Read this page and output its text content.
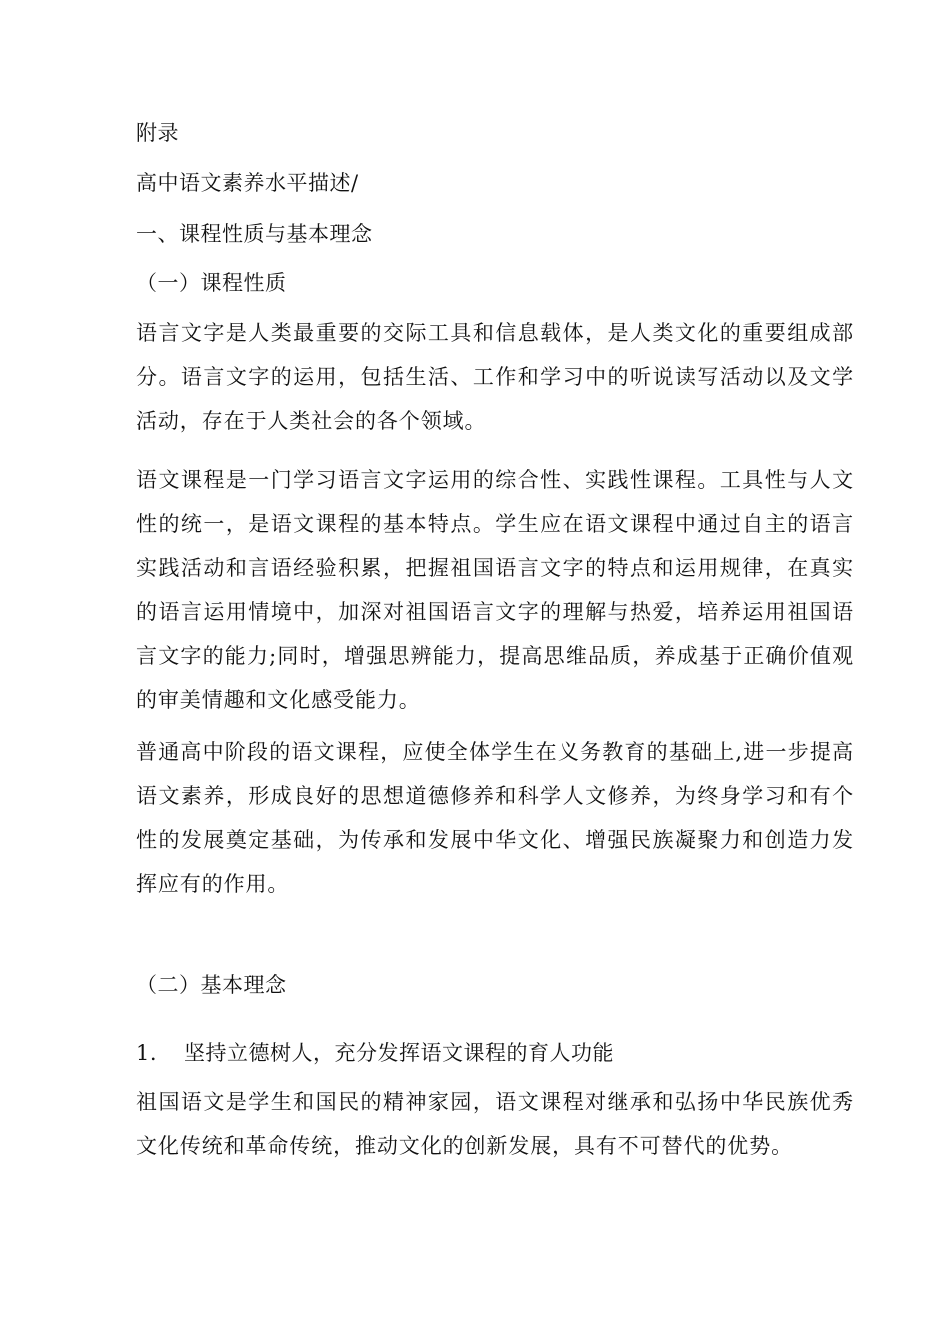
附录
高中语文素养水平描述/
一、课程性质与基本理念
（一）课程性质

语言文字是人类最重要的交际工具和信息载体，是人类文化的重要组成部分。语言文字的运用，包括生活、工作和学习中的听说读写活动以及文学活动，存在于人类社会的各个领域。

语文课程是一门学习语言文字运用的综合性、实践性课程。工具性与人文性的统一，是语文课程的基本特点。学生应在语文课程中通过自主的语言实践活动和言语经验积累，把握祖国语言文字的特点和运用规律，在真实的语言运用情境中，加深对祖国语言文字的理解与热爱，培养运用祖国语言文字的能力;同时，增强思辨能力，提高思维品质，养成基于正确价值观的审美情趣和文化感受能力。

普通高中阶段的语文课程，应使全体学生在义务教育的基础上,进一步提高语文素养，形成良好的思想道德修养和科学人文修养，为终身学习和有个性的发展奠定基础，为传承和发展中华文化、增强民族凝聚力和创造力发挥应有的作用。

（二）基本理念
1. 坚持立德树人，充分发挥语文课程的育人功能

祖国语文是学生和国民的精神家园，语文课程对继承和弘扬中华民族优秀文化传统和革命传统，推动文化的创新发展，具有不可替代的优势。
